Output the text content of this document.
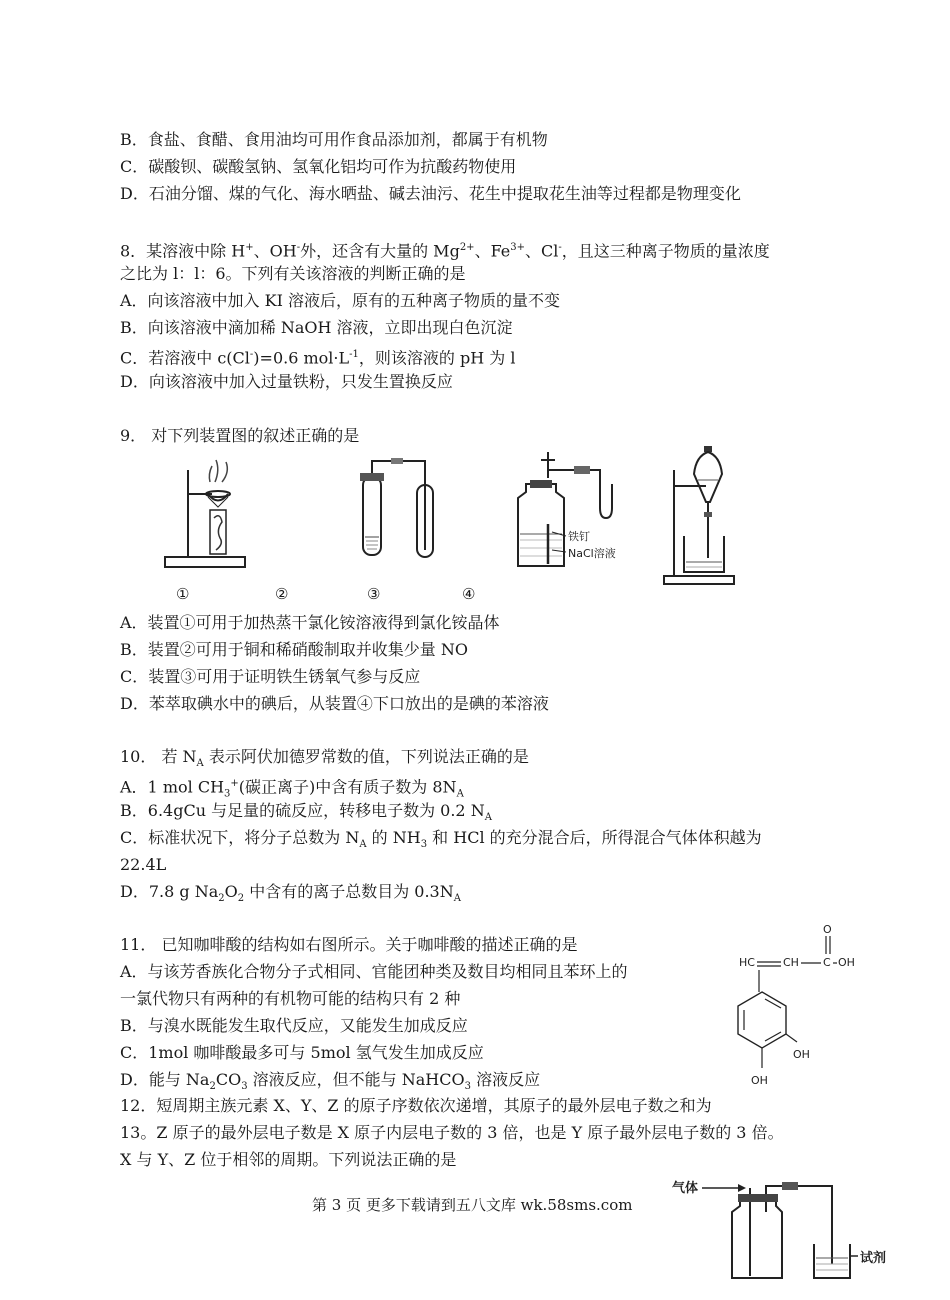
B．食盐、食醋、食用油均可用作食品添加剂，都属于有机物
C．碳酸钡、碳酸氢钠、氢氧化铝均可作为抗酸药物使用
D．石油分馏、煤的气化、海水晒盐、碱去油污、花生中提取花生油等过程都是物理变化
8．某溶液中除 H+、OH-外，还含有大量的 $Mg^{2+}$、$Fe^{3+}$、Cl-，且这三种离子物质的量浓度
之比为 l：l：6。下列有关该溶液的判断正确的是
A．向该溶液中加入 KI 溶液后，原有的五种离子物质的量不变
B．向该溶液中滴加稀 NaOH 溶液，立即出现白色沉淀
C．若溶液中 c(Cl-)=0.6 $mol\cdot L^{-1}$，则该溶液的 pH 为 l
D．向该溶液中加入过量铁粉，只发生置换反应
9． 对下列装置图的叙述正确的是
铁钉
NaCl溶液
①	②	③	④
A．装置①可用于加热蒸干氯化铵溶液得到氯化铵晶体
B．装置②可用于铜和稀硝酸制取并收集少量 NO
C．装置③可用于证明铁生锈氧气参与反应
D．苯萃取碘水中的碘后，从装置④下口放出的是碘的苯溶液
10． 若 $N_A$ 表示阿伏加德罗常数的值，下列说法正确的是
A．1 mol $CH_3^+$(碳正离子)中含有质子数为 $8N_A$
B．6.4gCu 与足量的硫反应，转移电子数为 0.2 $N_A$
C．标准状况下，将分子总数为 $N_A$ 的 $NH_3$ 和 HCl 的充分混合后，所得混合气体体积越为
22.4L
D．7.8 g $Na_2O_2$ 中含有的离子总数目为 $0.3N_A$
11． 已知咖啡酸的结构如右图所示。关于咖啡酸的描述正确的是
A．与该芳香族化合物分子式相同、官能团种类及数目均相同且苯环上的
一氯代物只有两种的有机物可能的结构只有 2 种
B．与溴水既能发生取代反应，又能发生加成反应
C．1mol 咖啡酸最多可与 5mol 氢气发生加成反应
D．能与 $Na_2CO_3$ 溶液反应，但不能与 NaHCO$_3$ 溶液反应
HC	CH C
O
OH
OH
OH
12．短周期主族元素 X、Y、Z 的原子序数依次递增，其原子的最外层电子数之和为
13。Z 原子的最外层电子数是 X 原子内层电子数的 3 倍，也是 Y 原子最外层电子数的 3 倍。
X 与 Y、Z 位于相邻的周期。下列说法正确的是
第 3 页 更多下载请到五八文库 wk.58sms.com
气体
试剂
